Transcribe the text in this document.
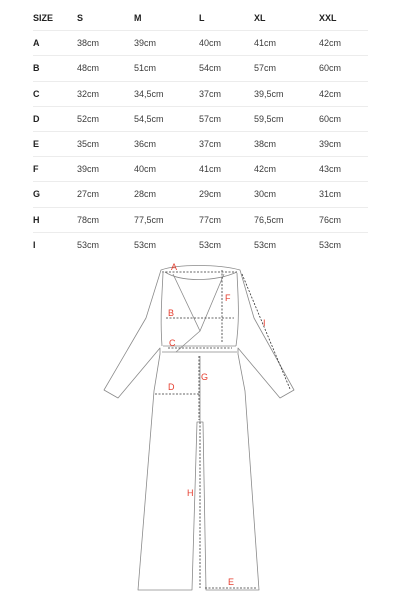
SIZE	S	M	L	XL	XXL
A	38cm	39cm	40cm	41cm	42cm
B	48cm	51cm	54cm	57cm	60cm
C	32cm	34,5cm	37cm	39,5cm	42cm
D	52cm	54,5cm	57cm	59,5cm	60cm
E	35cm	36cm	37cm	38cm	39cm
F	39cm	40cm	41cm	42cm	43cm
G	27cm	28cm	29cm	30cm	31cm
H	78cm	77,5cm	77cm	76,5cm	76cm
I	53cm	53cm	53cm	53cm	53cm
A
B
C
D
E
F
G
H
I
